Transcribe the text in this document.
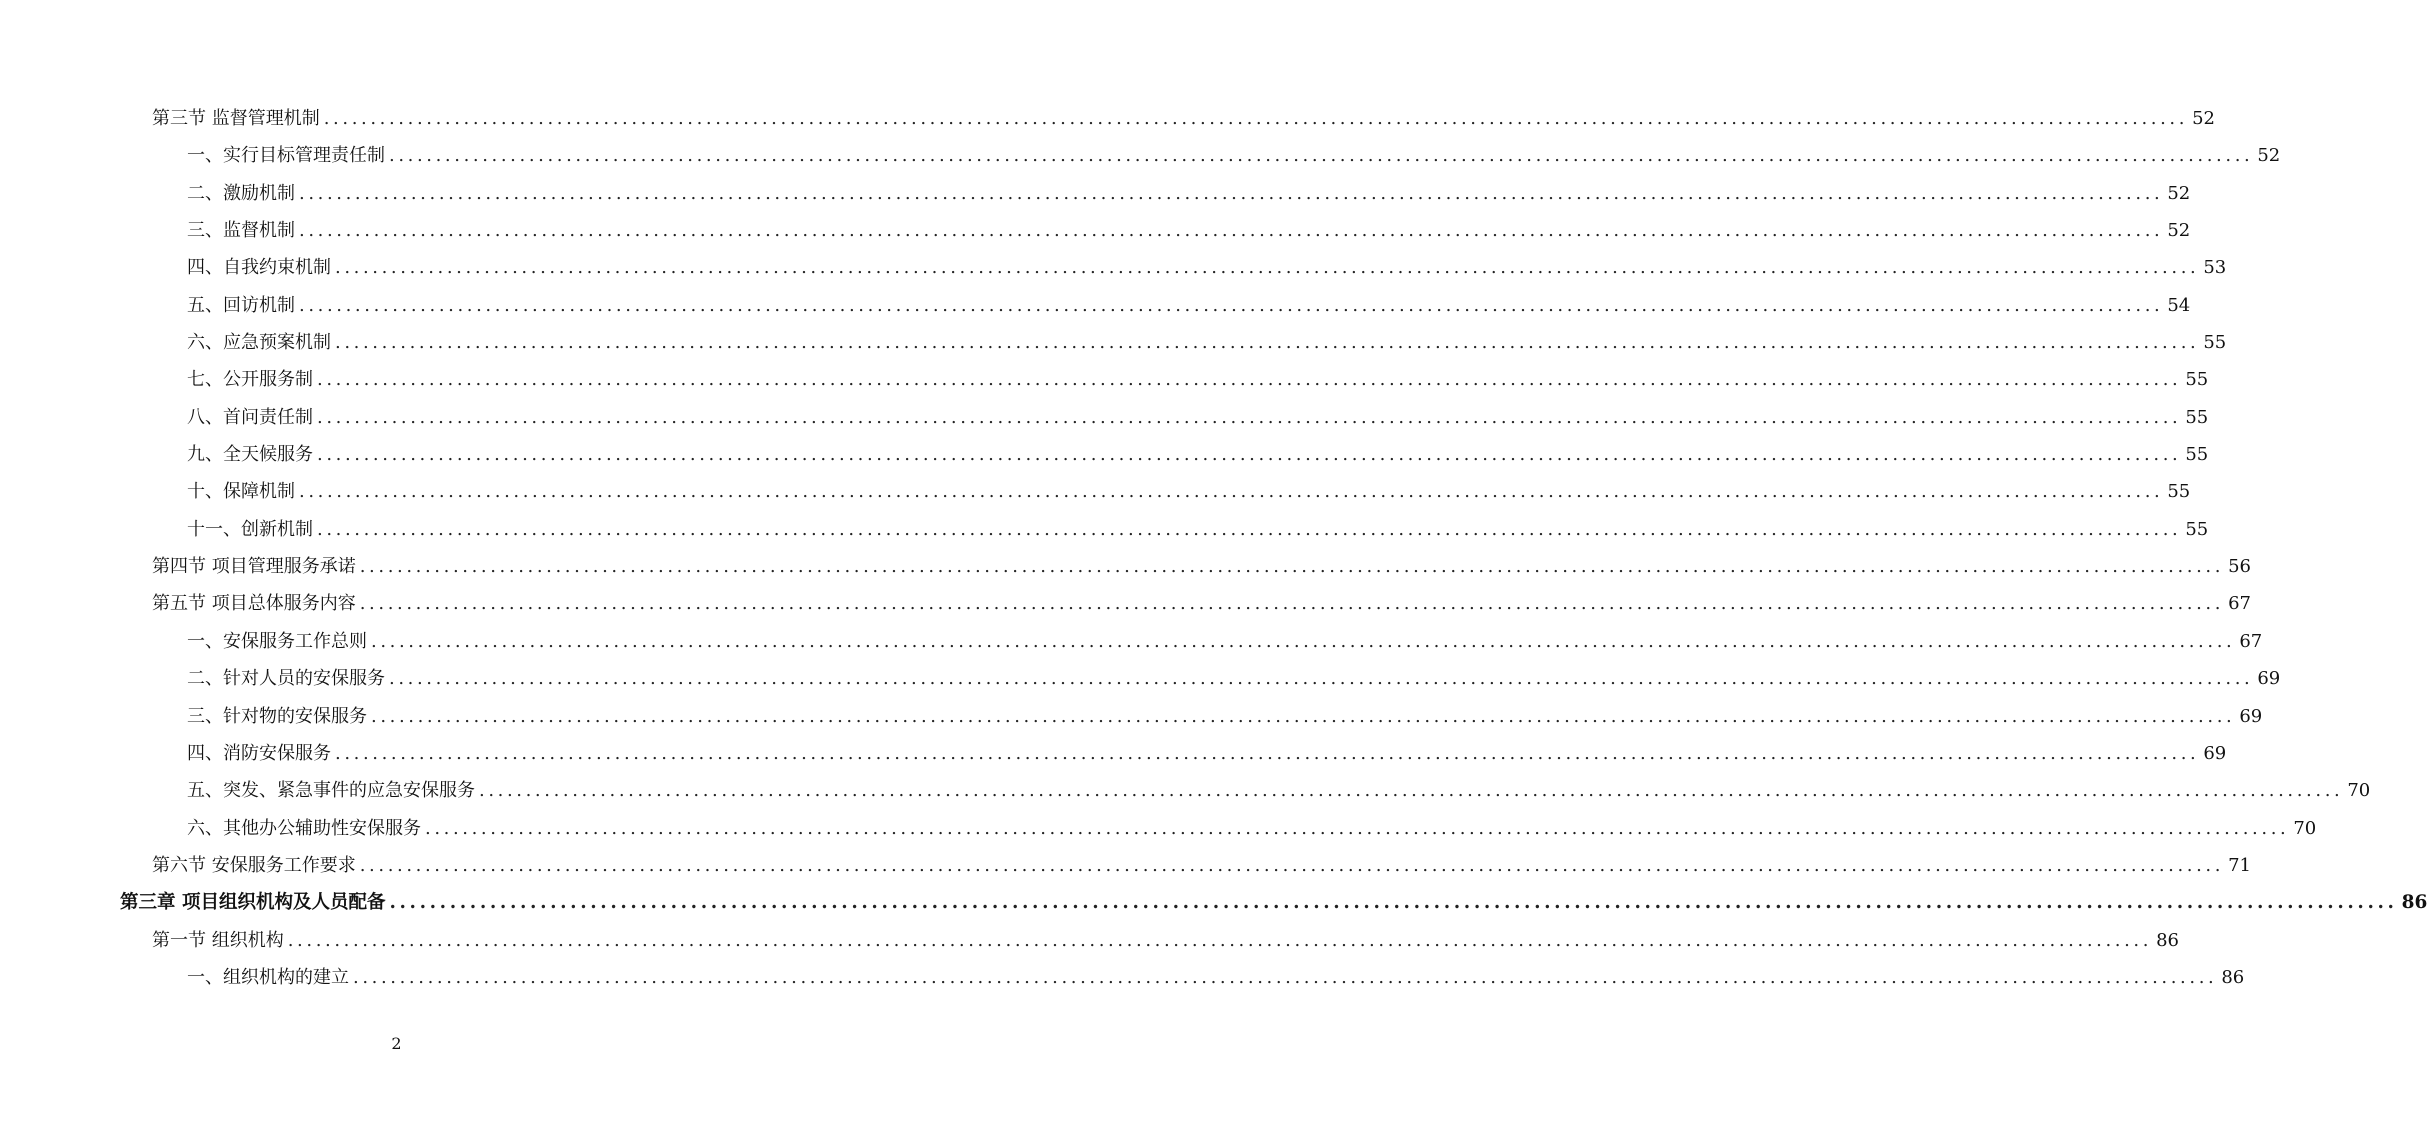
第三节 监督管理机制 ........................................................................................................................................................................................................ 52
一、实行目标管理责任制 ........................................................................................................................................................................................................ 52
二、激励机制 ........................................................................................................................................................................................................ 52
三、监督机制 ........................................................................................................................................................................................................ 52
四、自我约束机制 ........................................................................................................................................................................................................ 53
五、回访机制 ........................................................................................................................................................................................................ 54
六、应急预案机制 ........................................................................................................................................................................................................ 55
七、公开服务制 ........................................................................................................................................................................................................ 55
八、首问责任制 ........................................................................................................................................................................................................ 55
九、全天候服务 ........................................................................................................................................................................................................ 55
十、保障机制 ........................................................................................................................................................................................................ 55
十一、创新机制 ........................................................................................................................................................................................................ 55
第四节 项目管理服务承诺 ........................................................................................................................................................................................................ 56
第五节 项目总体服务内容 ........................................................................................................................................................................................................ 67
一、安保服务工作总则 ........................................................................................................................................................................................................ 67
二、针对人员的安保服务 ........................................................................................................................................................................................................ 69
三、针对物的安保服务 ........................................................................................................................................................................................................ 69
四、消防安保服务 ........................................................................................................................................................................................................ 69
五、突发、紧急事件的应急安保服务 ........................................................................................................................................................................................................ 70
六、其他办公辅助性安保服务 ........................................................................................................................................................................................................ 70
第六节 安保服务工作要求 ........................................................................................................................................................................................................ 71
第三章 项目组织机构及人员配备 ........................................................................................................................................................................................................ 86
第一节 组织机构 ........................................................................................................................................................................................................ 86
一、组织机构的建立 ........................................................................................................................................................................................................ 86
2
